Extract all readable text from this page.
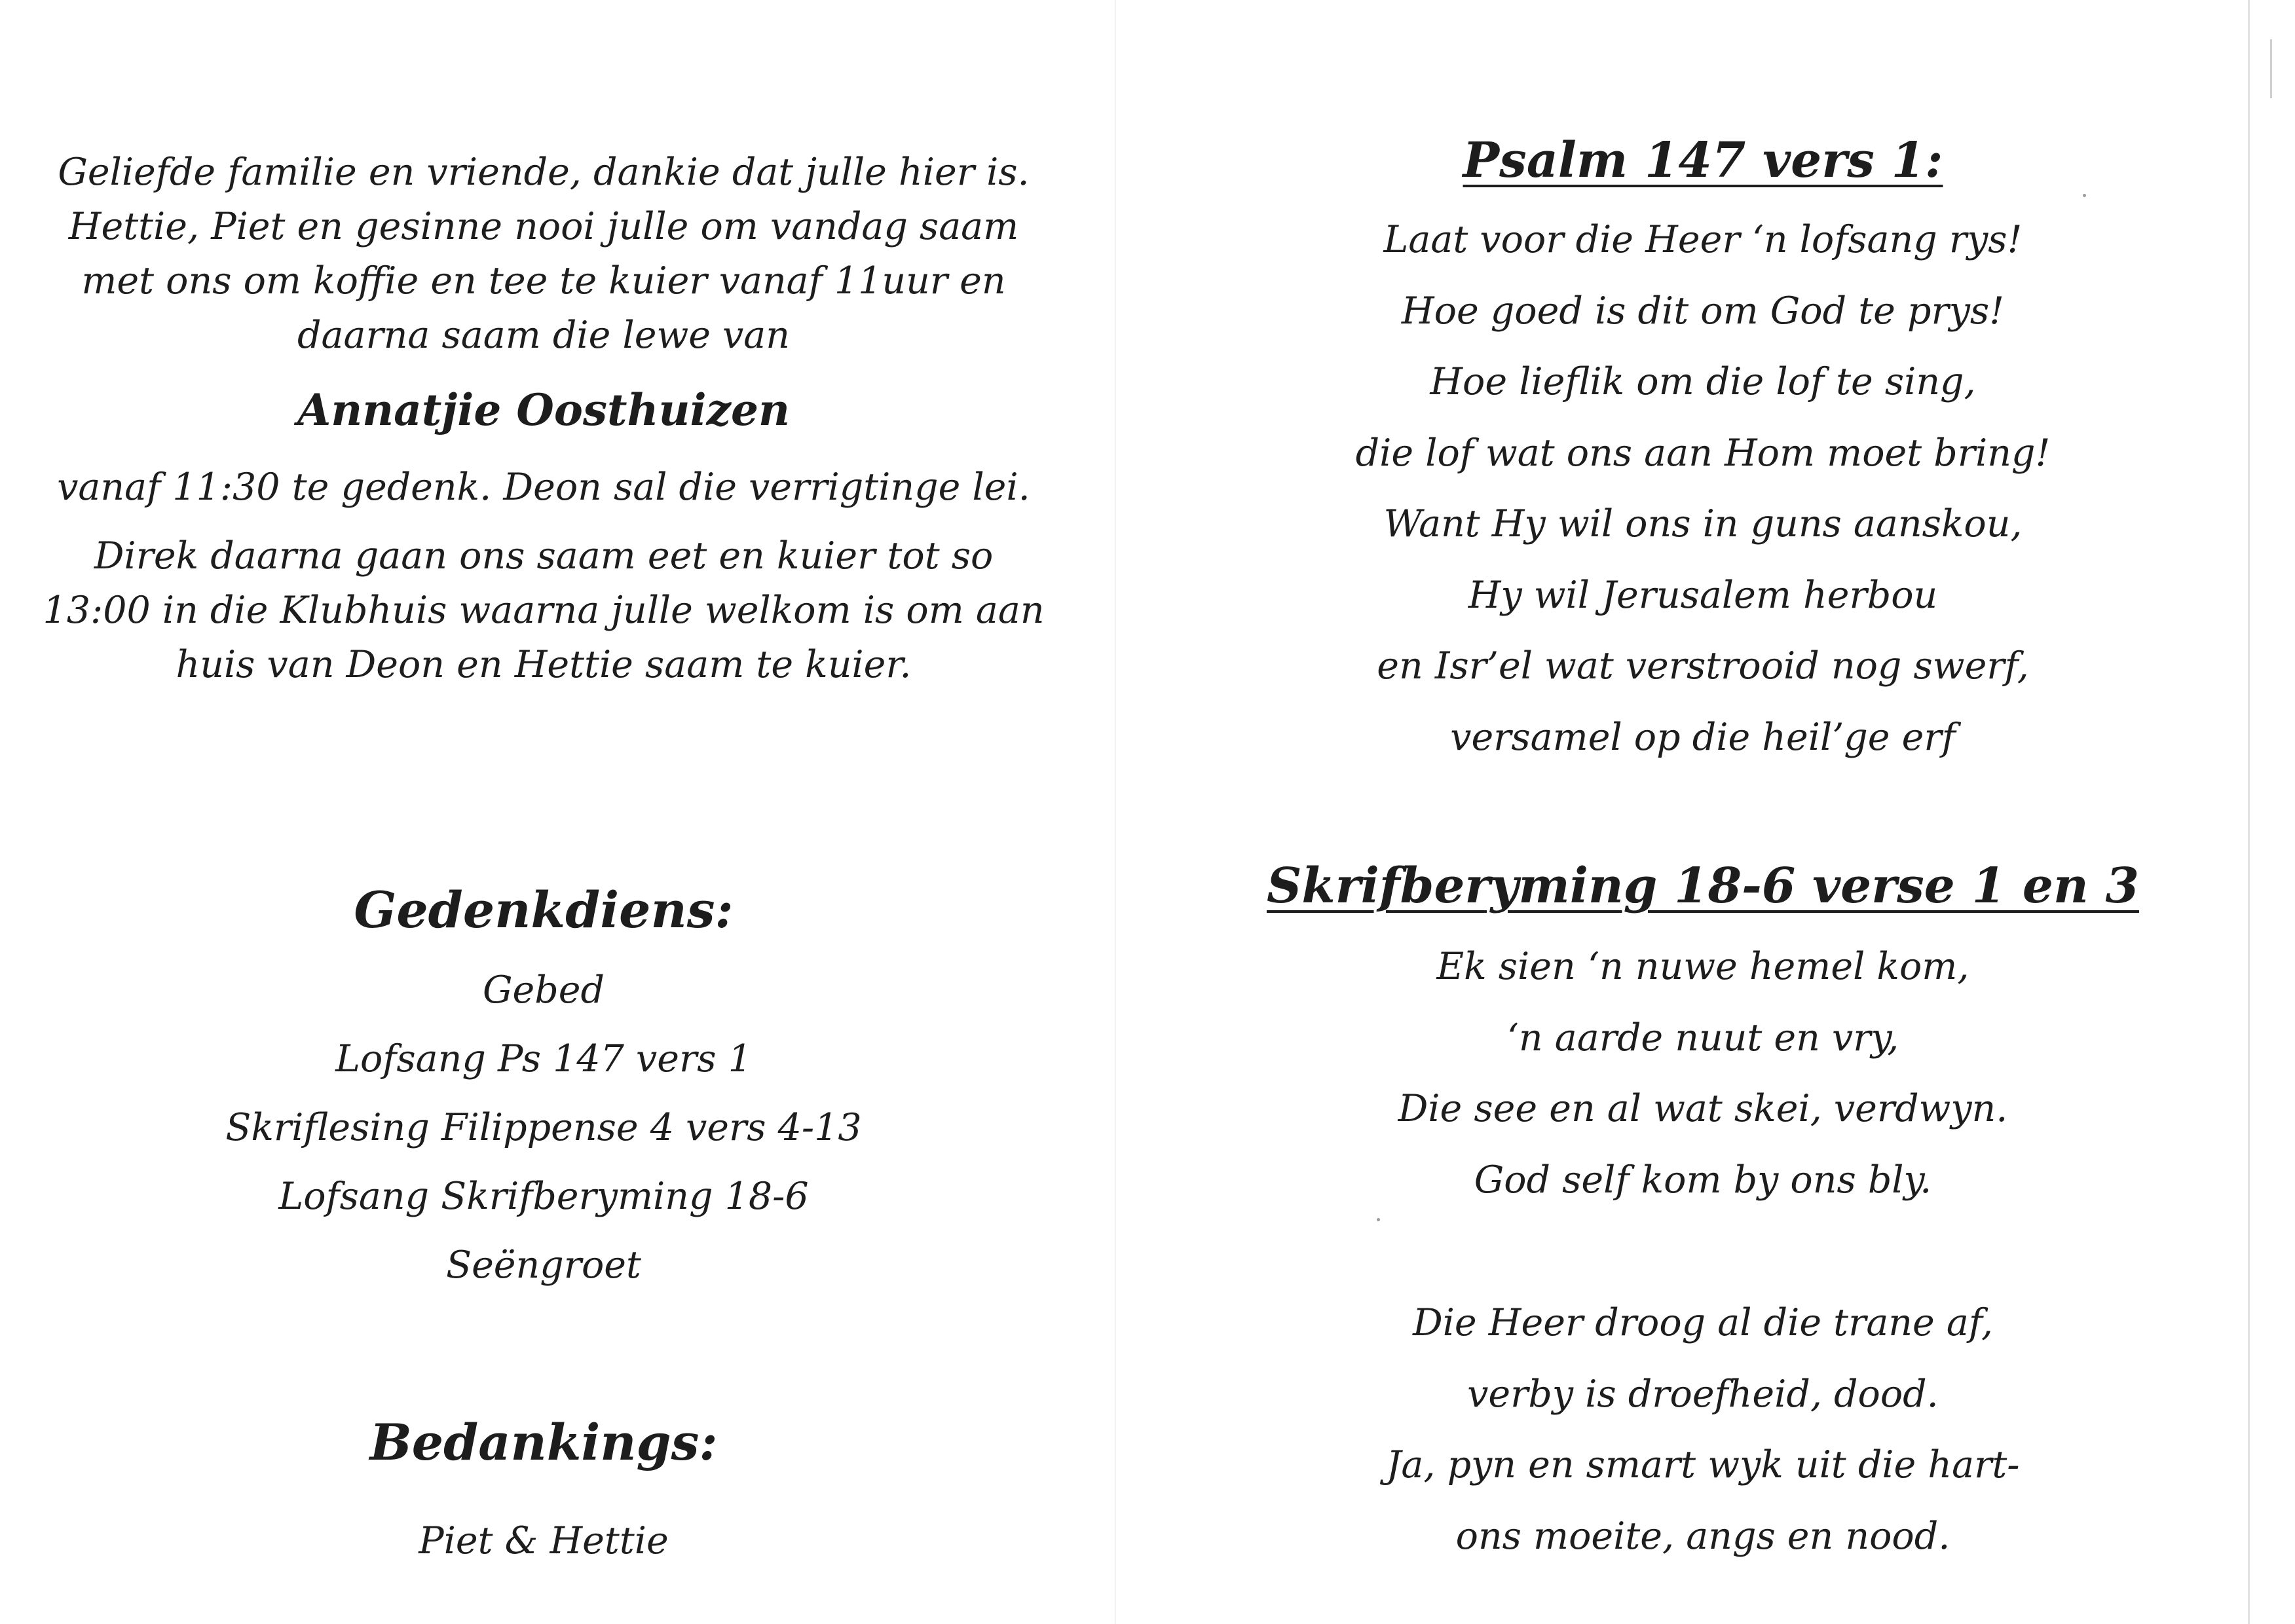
Geliefde familie en vriende, dankie dat julle hier is.
Hettie, Piet en gesinne nooi julle om vandag saam
met ons om koffie en tee te kuier vanaf 11uur en
daarna saam die lewe van
Annatjie Oosthuizen
vanaf 11:30 te gedenk. Deon sal die verrigtinge lei.
Direk daarna gaan ons saam eet en kuier tot so
13:00 in die Klubhuis waarna julle welkom is om aan
huis van Deon en Hettie saam te kuier.
Gedenkdiens:
Gebed
Lofsang Ps 147 vers 1
Skriflesing Filippense 4 vers 4-13
Lofsang Skrifberyming 18-6
Seëngroet
Bedankings:
Piet & Hettie
Psalm 147 vers 1:
Laat voor die Heer ‘n lofsang rys!
Hoe goed is dit om God te prys!
Hoe lieflik om die lof te sing,
die lof wat ons aan Hom moet bring!
Want Hy wil ons in guns aanskou,
Hy wil Jerusalem herbou
en Isr’el wat verstrooid nog swerf,
versamel op die heil’ge erf
Skrifberyming 18-6 verse 1 en 3
Ek sien ‘n nuwe hemel kom,
‘n aarde nuut en vry,
Die see en al wat skei, verdwyn.
God self kom by ons bly.
Die Heer droog al die trane af,
verby is droefheid, dood.
Ja, pyn en smart wyk uit die hart-
ons moeite, angs en nood.
